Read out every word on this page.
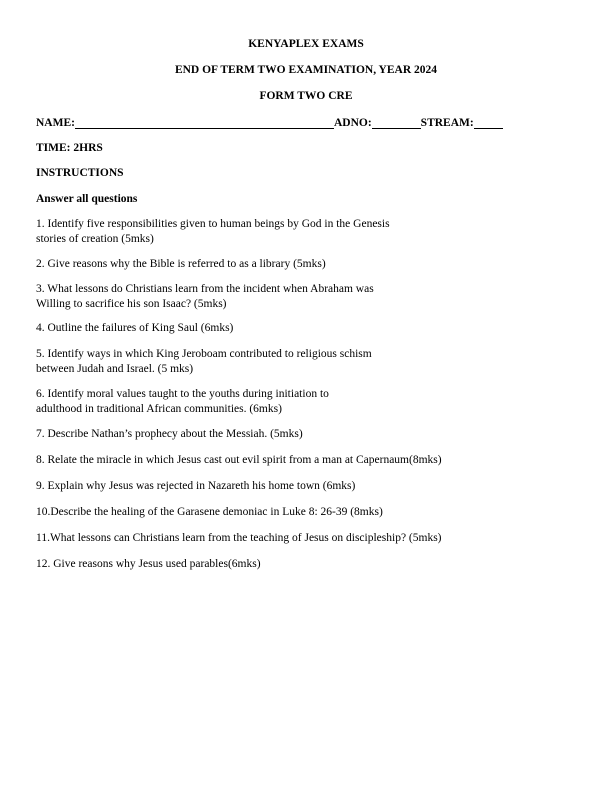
KENYAPLEX EXAMS
END OF TERM TWO EXAMINATION, YEAR 2024
FORM TWO CRE
NAME:	ADNO:	STREAM:
TIME: 2HRS
INSTRUCTIONS
Answer all questions
1. Identify five responsibilities given to human beings by God in the Genesis
stories of creation (5mks)
2. Give reasons why the Bible is referred to as a library (5mks)
3. What lessons do Christians learn from the incident when Abraham was
Willing to sacrifice his son Isaac? (5mks)
4. Outline the failures of King Saul (6mks)
5. Identify ways in which King Jeroboam contributed to religious schism
between Judah and Israel. (5 mks)
6. Identify moral values taught to the youths during initiation to
adulthood in traditional African communities. (6mks)
7. Describe Nathan’s prophecy about the Messiah. (5mks)
8. Relate the miracle in which Jesus cast out evil spirit from a man at Capernaum(8mks)
9. Explain why Jesus was rejected in Nazareth his home town (6mks)
10.Describe the healing of the Garasene demoniac in Luke 8: 26-39 (8mks)
11.What lessons can Christians learn from the teaching of Jesus on discipleship? (5mks)
12. Give reasons why Jesus used parables(6mks)
